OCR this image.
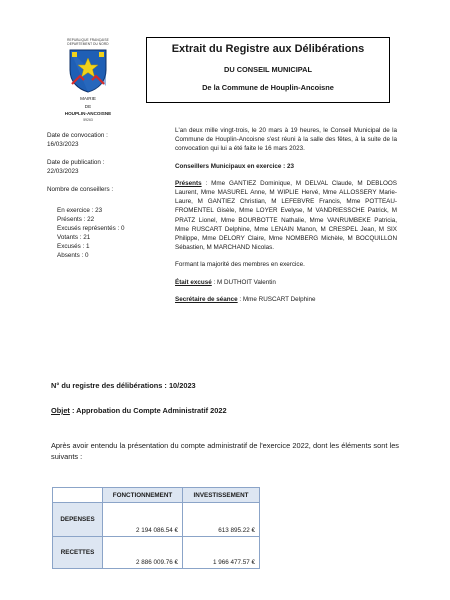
REPUBLIQUE FRANÇAISE
DEPARTEMENT DU NORD
MAIRIE
DE
HOUPLIN-ANCOISNE
59263
Extrait du Registre aux Délibérations
DU CONSEIL MUNICIPAL
De la Commune de Houplin-Ancoisne
Date de convocation :
16/03/2023
Date de publication :
22/03/2023
Nombre de conseillers :
En exercice : 23
Présents : 22
Excusés représentés : 0
Votants : 21
Excusés : 1
Absents : 0

L'an deux mille vingt-trois, le 20 mars à 19 heures, le Conseil Municipal de la Commune de Houplin-Ancoisne s'est réuni à la salle des fêtes, à la suite de la convocation qui lui a été faite le 16 mars 2023.

Conseillers Municipaux en exercice : 23

Présents : Mme GANTIEZ Dominique, M DELVAL Claude, M DEBLOOS Laurent, Mme MASUREL Anne, M WIPLIE Hervé, Mme ALLOSSERY Marie-Laure, M GANTIEZ Christian, M LEFEBVRE Francis, Mme POTTEAU-FROMENTEL Gisèle, Mme LOYER Evelyse, M VANDRIESSCHE Patrick, M PRATZ Lionel, Mme BOURBOTTE Nathalie, Mme VANRUMBEKE Patricia, Mme RUSCART Delphine, Mme LENAIN Manon, M CRESPEL Jean, M SIX Philippe, Mme DELORY Claire, Mme NOMBERG Michèle, M BOCQUILLON Sébastien, M MARCHAND Nicolas.

Formant la majorité des membres en exercice.

Était excusé : M DUTHOIT Valentin

Secrétaire de séance : Mme RUSCART Delphine

N° du registre des délibérations : 10/2023
Objet : Approbation du Compte Administratif 2022
Après avoir entendu la présentation du compte administratif de l'exercice 2022, dont les éléments sont les suivants :
	FONCTIONNEMENT	INVESTISSEMENT
DEPENSES	2 194 086.54 €	613 895.22 €
RECETTES	2 886 009.76 €	1 966 477.57 €
